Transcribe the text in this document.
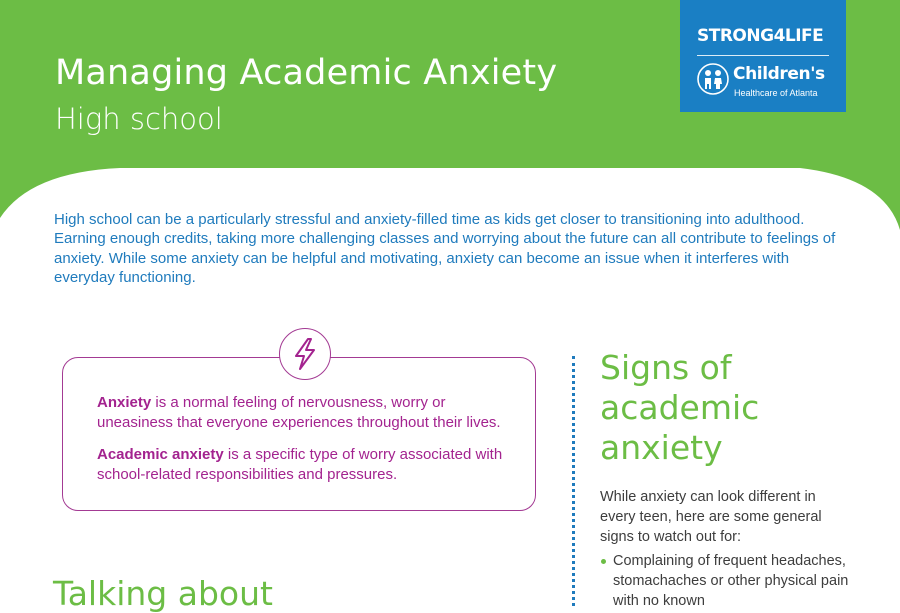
Managing Academic Anxiety
High school
STRONG4LIFE
Children's
Healthcare of Atlanta

High school can be a particularly stressful and anxiety-filled time as kids get closer to transitioning into adulthood. Earning enough credits, taking more challenging classes and worrying about the future can all contribute to feelings of anxiety. While some anxiety can be helpful and motivating, anxiety can become an issue when it interferes with everyday functioning.

Anxiety is a normal feeling of nervousness, worry or uneasiness that everyone experiences throughout their lives.

Academic anxiety is a specific type of worry associated with school-related responsibilities and pressures.

Signs of
academic
anxiety

While anxiety can look different in every teen, here are some general signs to watch out for:

Complaining of frequent headaches, stomachaches or other physical pain with no known
Talking about
